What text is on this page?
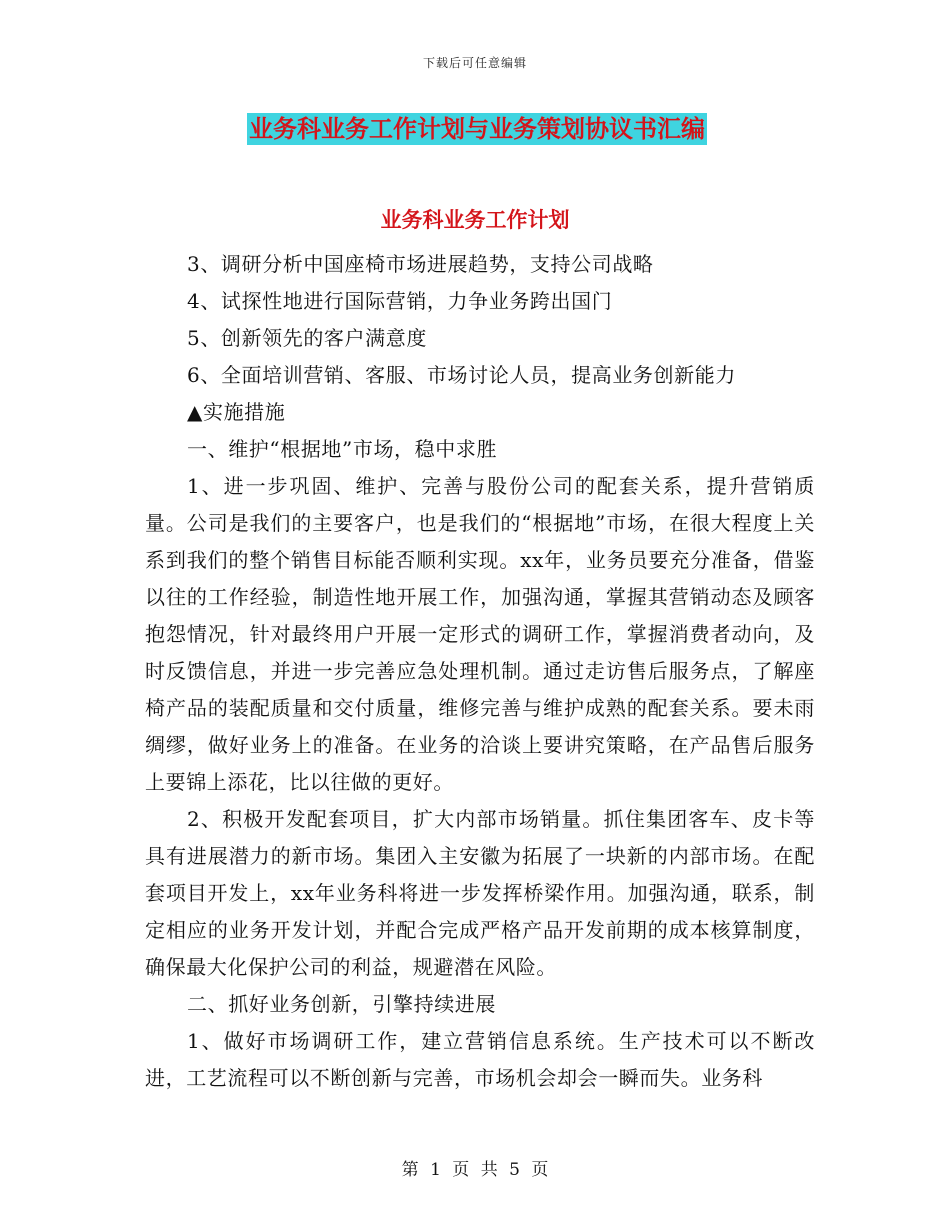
下载后可任意编辑
业务科业务工作计划与业务策划协议书汇编
业务科业务工作计划

3、调研分析中国座椅市场进展趋势，支持公司战略

4、试探性地进行国际营销，力争业务跨出国门

5、创新领先的客户满意度

6、全面培训营销、客服、市场讨论人员，提高业务创新能力

▲实施措施

一、维护“根据地”市场，稳中求胜

1、进一步巩固、维护、完善与股份公司的配套关系，提升营销质量。公司是我们的主要客户，也是我们的“根据地”市场，在很大程度上关系到我们的整个销售目标能否顺利实现。xx年，业务员要充分准备，借鉴以往的工作经验，制造性地开展工作，加强沟通，掌握其营销动态及顾客抱怨情况，针对最终用户开展一定形式的调研工作，掌握消费者动向，及时反馈信息，并进一步完善应急处理机制。通过走访售后服务点，了解座椅产品的装配质量和交付质量，维修完善与维护成熟的配套关系。要未雨绸缪，做好业务上的准备。在业务的洽谈上要讲究策略，在产品售后服务上要锦上添花，比以往做的更好。

2、积极开发配套项目，扩大内部市场销量。抓住集团客车、皮卡等具有进展潜力的新市场。集团入主安徽为拓展了一块新的内部市场。在配套项目开发上，xx年业务科将进一步发挥桥梁作用。加强沟通，联系，制定相应的业务开发计划，并配合完成严格产品开发前期的成本核算制度，确保最大化保护公司的利益，规避潜在风险。

二、抓好业务创新，引擎持续进展

1、做好市场调研工作，建立营销信息系统。生产技术可以不断改进，工艺流程可以不断创新与完善，市场机会却会一瞬而失。业务科

第 1 页 共 5 页
